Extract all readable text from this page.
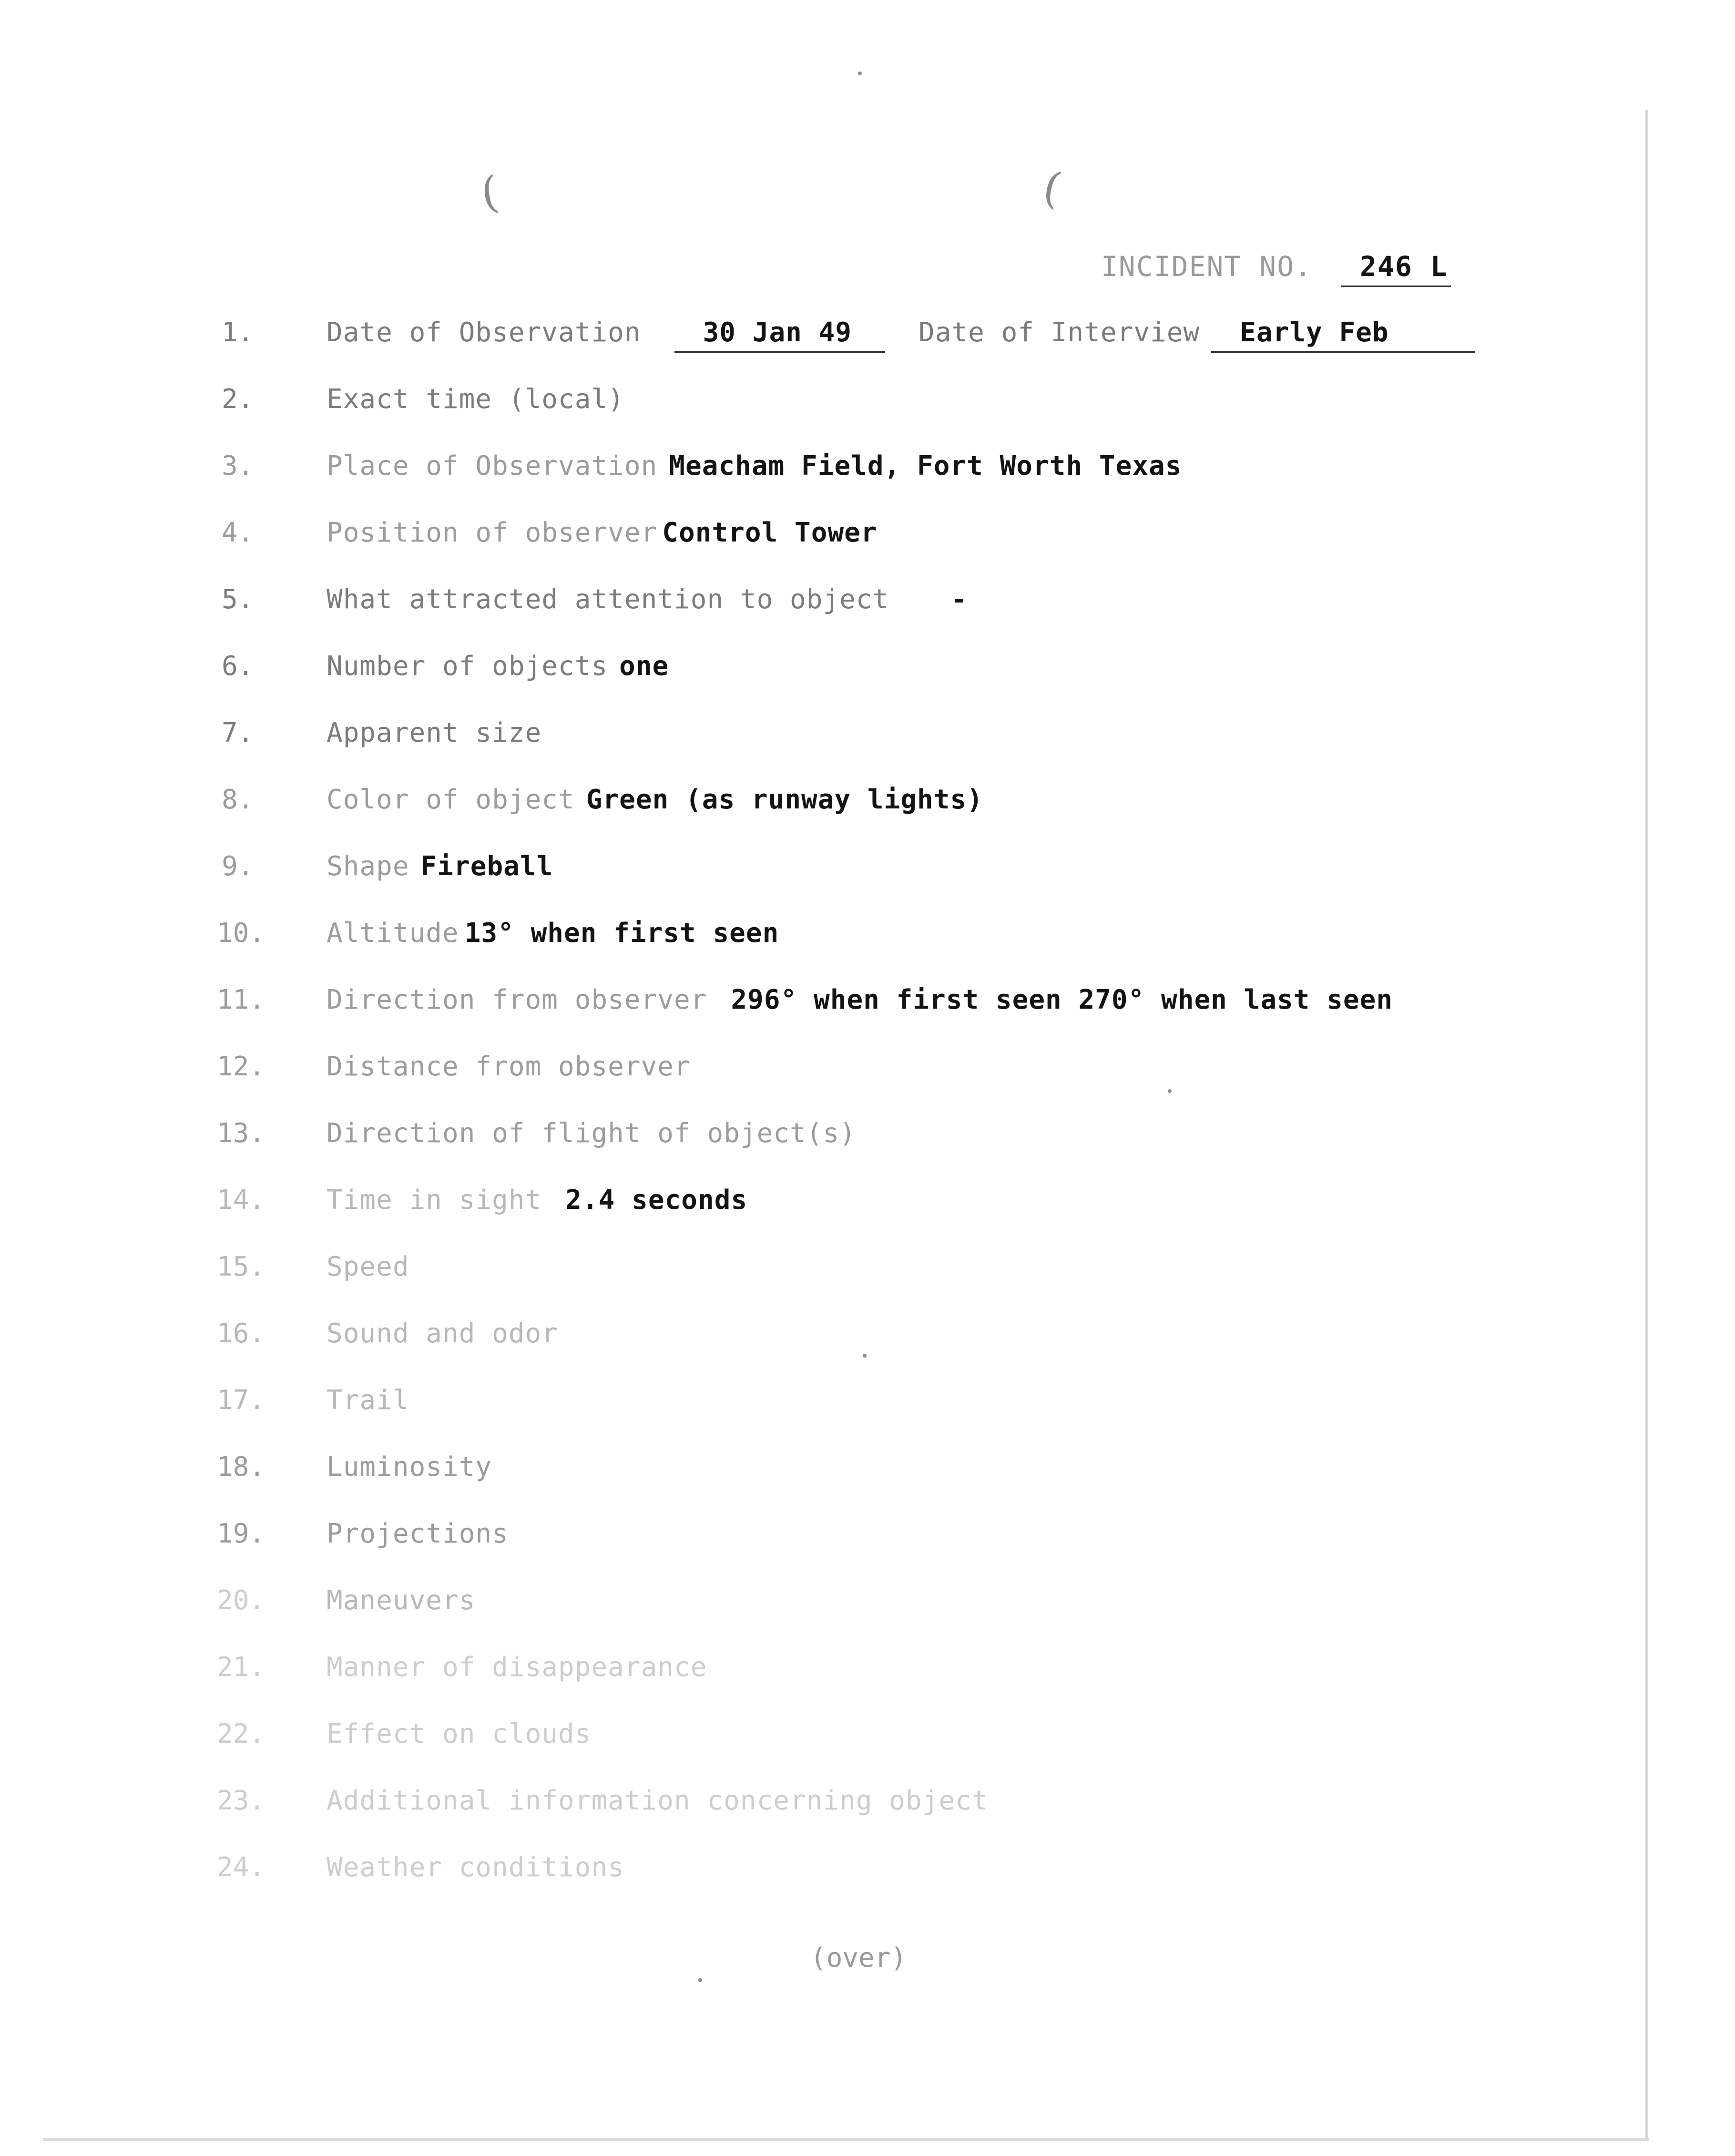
(	(
INCIDENT NO. 246 L
1.	Date of Observation 30 Jan 49	Date of Interview Early Feb
2.	Exact time (local)
3.	Place of Observation Meacham Field, Fort Worth Texas
4.	Position of observer Control Tower
5.	What attracted attention to object -
6.	Number of objects one
7.	Apparent size
8.	Color of object Green (as runway lights)
9.	Shape Fireball
10.	Altitude 13° when first seen
11.	Direction from observer 296° when first seen 270° when last seen
12.	Distance from observer
13.	Direction of flight of object(s)
14.	Time in sight 2.4 seconds
15.	Speed
16.	Sound and odor
17.	Trail
18.	Luminosity
19.	Projections
20.	Maneuvers
21.	Manner of disappearance
22.	Effect on clouds
23.	Additional information concerning object
24.	Weather conditions
(over)
